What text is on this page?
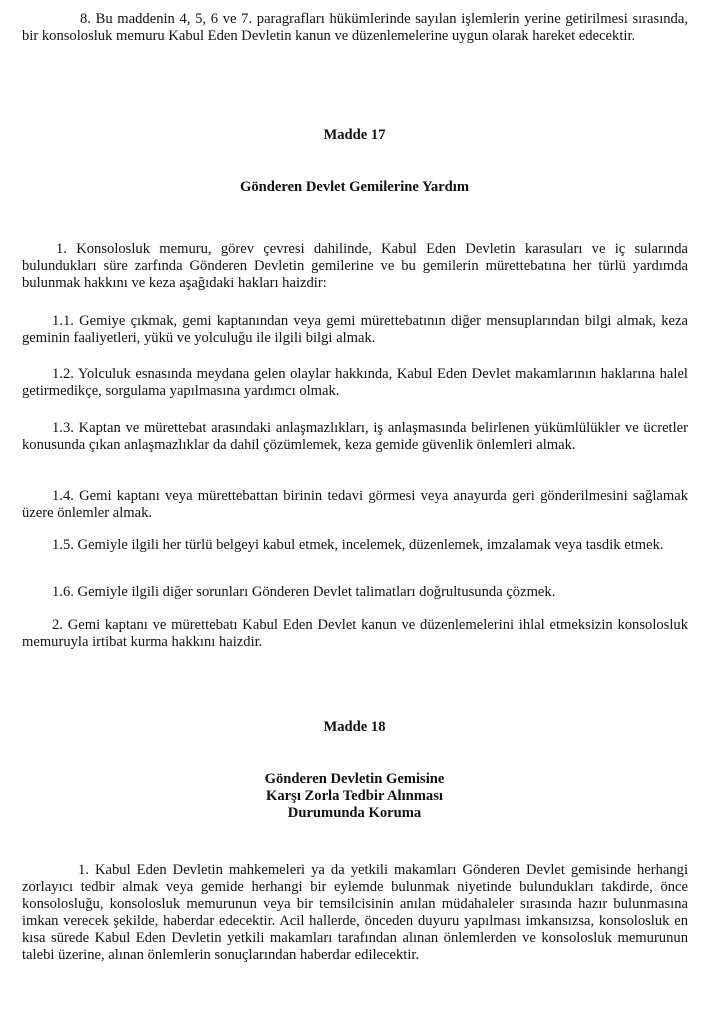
8. Bu maddenin 4, 5, 6 ve 7. paragrafları hükümlerinde sayılan işlemlerin yerine getirilmesi sırasında, bir konsolosluk memuru Kabul Eden Devletin kanun ve düzenlemelerine uygun olarak hareket edecektir.

Madde 17
Gönderen Devlet Gemilerine Yardım

1. Konsolosluk memuru, görev çevresi dahilinde, Kabul Eden Devletin karasuları ve iç sularında bulundukları süre zarfında Gönderen Devletin gemilerine ve bu gemilerin mürettebatına her türlü yardımda bulunmak hakkını ve keza aşağıdaki hakları haizdir:

1.1. Gemiye çıkmak, gemi kaptanından veya gemi mürettebatının diğer mensuplarından bilgi almak, keza geminin faaliyetleri, yükü ve yolculuğu ile ilgili bilgi almak.

1.2. Yolculuk esnasında meydana gelen olaylar hakkında, Kabul Eden Devlet makamlarının haklarına halel getirmedikçe, sorgulama yapılmasına yardımcı olmak.

1.3. Kaptan ve mürettebat arasındaki anlaşmazlıkları, iş anlaşmasında belirlenen yükümlülükler ve ücretler konusunda çıkan anlaşmazlıklar da dahil çözümlemek, keza gemide güvenlik önlemleri almak.

1.4. Gemi kaptanı veya mürettebattan birinin tedavi görmesi veya anayurda geri gönderilmesini sağlamak üzere önlemler almak.

1.5. Gemiyle ilgili her türlü belgeyi kabul etmek, incelemek, düzenlemek, imzalamak veya tasdik etmek.

1.6. Gemiyle ilgili diğer sorunları Gönderen Devlet talimatları doğrultusunda çözmek.

2. Gemi kaptanı ve mürettebatı Kabul Eden Devlet kanun ve düzenlemelerini ihlal etmeksizin konsolosluk memuruyla irtibat kurma hakkını haizdir.

Madde 18
Gönderen Devletin Gemisine
Karşı Zorla Tedbir Alınması
Durumunda Koruma

1. Kabul Eden Devletin mahkemeleri ya da yetkili makamları Gönderen Devlet gemisinde herhangi zorlayıcı tedbir almak veya gemide herhangi bir eylemde bulunmak niyetinde bulundukları takdirde, önce konsolosluğu, konsolosluk memurunun veya bir temsilcisinin anılan müdahaleler sırasında hazır bulunmasına imkan verecek şekilde, haberdar edecektir. Acil hallerde, önceden duyuru yapılması imkansızsa, konsolosluk en kısa sürede Kabul Eden Devletin yetkili makamları tarafından alınan önlemlerden ve konsolosluk memurunun talebi üzerine, alınan önlemlerin sonuçlarından haberdar edilecektir.
